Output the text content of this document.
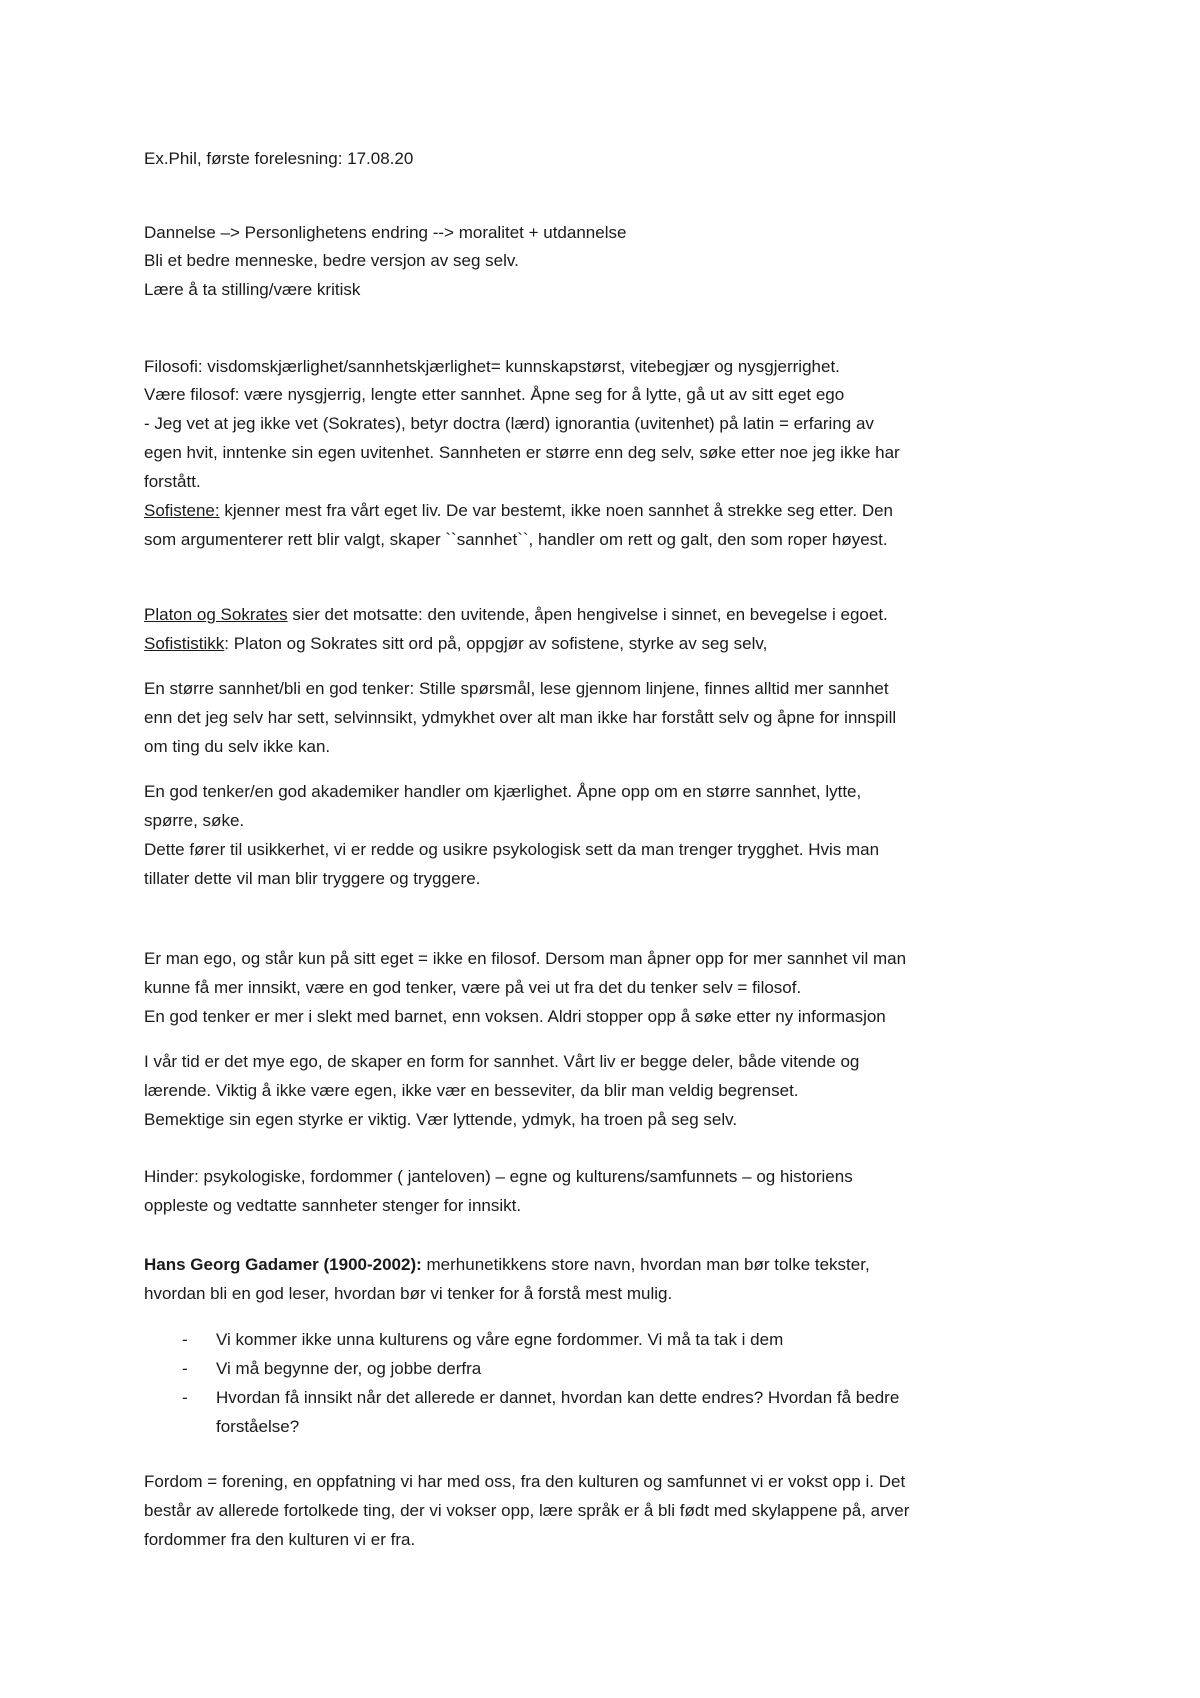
Ex.Phil, første forelesning: 17.08.20
Dannelse –> Personlighetens endring --> moralitet + utdannelse
Bli et bedre menneske, bedre versjon av seg selv.
Lære å ta stilling/være kritisk
Filosofi: visdomskjærlighet/sannhetskjærlighet= kunnskapstørst, vitebegjær og nysgjerrighet.
Være filosof: være nysgjerrig, lengte etter sannhet. Åpne seg for å lytte, gå ut av sitt eget ego
- Jeg vet at jeg ikke vet (Sokrates), betyr doctra (lærd) ignorantia (uvitenhet) på latin = erfaring av
egen hvit, inntenke sin egen uvitenhet. Sannheten er større enn deg selv, søke etter noe jeg ikke har
forstått.
Sofistene: kjenner mest fra vårt eget liv. De var bestemt, ikke noen sannhet å strekke seg etter. Den
som argumenterer rett blir valgt, skaper ``sannhet``, handler om rett og galt, den som roper høyest.
Platon og Sokrates sier det motsatte: den uvitende, åpen hengivelse i sinnet, en bevegelse i egoet.
Sofististikk: Platon og Sokrates sitt ord på, oppgjør av sofistene, styrke av seg selv,
En større sannhet/bli en god tenker: Stille spørsmål, lese gjennom linjene, finnes alltid mer sannhet
enn det jeg selv har sett, selvinnsikt, ydmykhet over alt man ikke har forstått selv og åpne for innspill
om ting du selv ikke kan.
En god tenker/en god akademiker handler om kjærlighet. Åpne opp om en større sannhet, lytte,
spørre, søke.
Dette fører til usikkerhet, vi er redde og usikre psykologisk sett da man trenger trygghet. Hvis man
tillater dette vil man blir tryggere og tryggere.
Er man ego, og står kun på sitt eget = ikke en filosof. Dersom man åpner opp for mer sannhet vil man
kunne få mer innsikt, være en god tenker, være på vei ut fra det du tenker selv = filosof.
En god tenker er mer i slekt med barnet, enn voksen. Aldri stopper opp å søke etter ny informasjon
I vår tid er det mye ego, de skaper en form for sannhet. Vårt liv er begge deler, både vitende og
lærende. Viktig å ikke være egen, ikke vær en besseviter, da blir man veldig begrenset.
Bemektige sin egen styrke er viktig. Vær lyttende, ydmyk, ha troen på seg selv.
Hinder: psykologiske, fordommer ( janteloven) – egne og kulturens/samfunnets – og historiens
oppleste og vedtatte sannheter stenger for innsikt.
Hans Georg Gadamer (1900-2002): merhunetikkens store navn, hvordan man bør tolke tekster,
hvordan bli en god leser, hvordan bør vi tenker for å forstå mest mulig.
- Vi kommer ikke unna kulturens og våre egne fordommer. Vi må ta tak i dem
- Vi må begynne der, og jobbe derfra
- Hvordan få innsikt når det allerede er dannet, hvordan kan dette endres? Hvordan få bedre
forståelse?
Fordom = forening, en oppfatning vi har med oss, fra den kulturen og samfunnet vi er vokst opp i. Det
består av allerede fortolkede ting, der vi vokser opp, lære språk er å bli født med skylappene på, arver
fordommer fra den kulturen vi er fra.
